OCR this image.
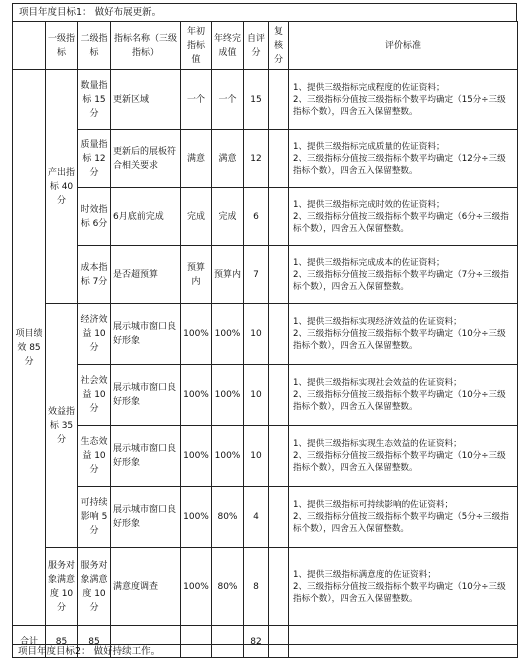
项目年度目标1： 做好布展更新。
	一级指标	二级指标	指标名称（三级指标）	年初指标值	年终完成值	自评分	复核分	评价标准
项目绩效 85分	产出指标 40分	数量指标 15分	更新区域	一个	一个	15		1、提供三级指标完成程度的佐证资料；
2、三级指标分值按三级指标个数平均确定（15分÷三级指标个数），四舍五入保留整数。

		质量指标 12分	更新后的展板符合相关要求	满意	满意	12		1、提供三级指标完成质量的佐证资料；
2、三级指标分值按三级指标个数平均确定（12分÷三级指标个数），四舍五入保留整数。

		时效指标 6分	6月底前完成	完成	完成	6		1、提供三级指标完成时效的佐证资料；
2、三级指标分值按三级指标个数平均确定（6分÷三级指标个数），四舍五入保留整数。

		成本指标 7分	是否超预算	预算内	预算内	7		1、提供三级指标完成成本的佐证资料；
2、三级指标分值按三级指标个数平均确定（7分÷三级指标个数），四舍五入保留整数。

	效益指标 35分	经济效益 10分	展示城市窗口良好形象	100%	100%	10		1、提供三级指标实现经济效益的佐证资料；
2、三级指标分值按三级指标个数平均确定（10分÷三级指标个数），四舍五入保留整数。

		社会效益 10分	展示城市窗口良好形象	100%	100%	10		1、提供三级指标实现社会效益的佐证资料；
2、三级指标分值按三级指标个数平均确定（10分÷三级指标个数），四舍五入保留整数。

		生态效益 10分	展示城市窗口良好形象	100%	100%	10		1、提供三级指标实现生态效益的佐证资料；
2、三级指标分值按三级指标个数平均确定（10分÷三级指标个数），四舍五入保留整数。

		可持续影响 5分	展示城市窗口良好形象	100%	80%	4		1、提供三级指标可持续影响的佐证资料；
2、三级指标分值按三级指标个数平均确定（5分÷三级指标个数），四舍五入保留整数。

	服务对象满意度 10分	服务对象满意度 10分	满意度调查	100%	80%	8		1、提供三级指标满意度的佐证资料；
2、三级指标分值按三级指标个数平均确定（10分÷三级指标个数），四舍五入保留整数。

合计	85	85				82		
项目年度目标2： 做好持续工作。
